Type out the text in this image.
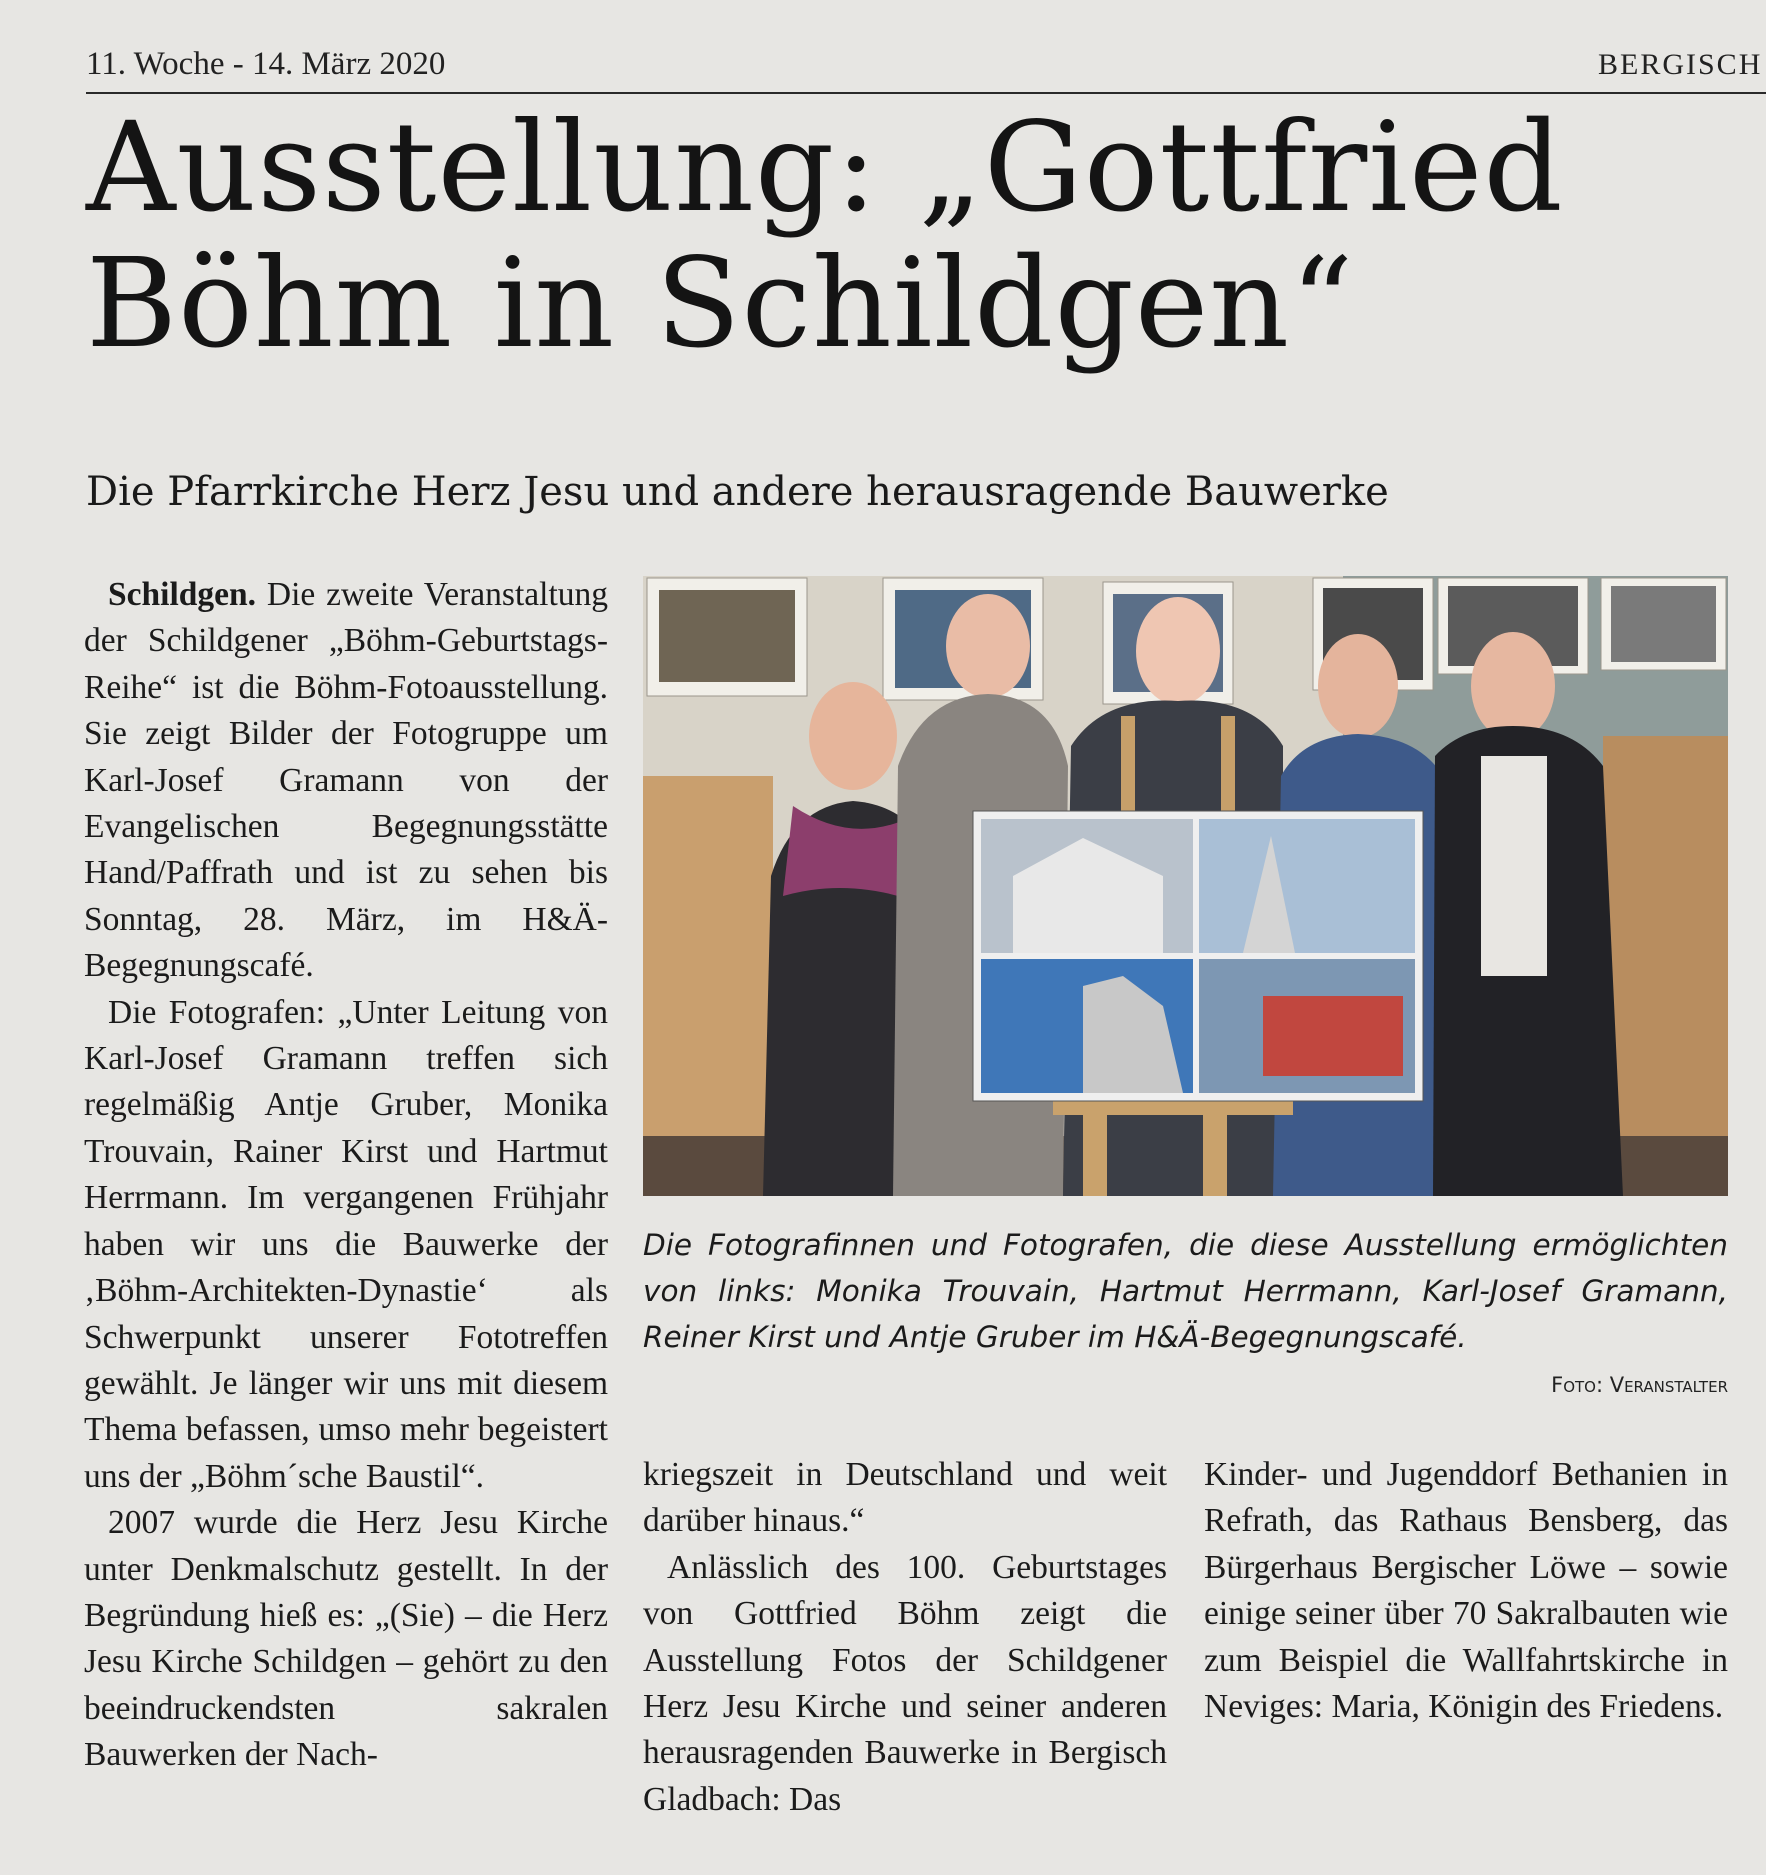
11. Woche - 14. März 2020	BERGISCH
Ausstellung: „Gottfried Böhm in Schildgen“
Die Pfarrkirche Herz Jesu und andere herausragende Bauwerke

Schildgen. Die zweite Veranstaltung der Schildgener „Böhm-Geburtstags-Reihe“ ist die Böhm-Fotoausstellung. Sie zeigt Bilder der Fotogruppe um Karl-Josef Gramann von der Evangelischen Begegnungsstätte Hand/Paffrath und ist zu sehen bis Sonntag, 28. März, im H&Ä-Begegnungscafé.

Die Fotografen: „Unter Leitung von Karl-Josef Gramann treffen sich regelmäßig Antje Gruber, Monika Trouvain, Rainer Kirst und Hartmut Herrmann. Im vergangenen Frühjahr haben wir uns die Bauwerke der ‚Böhm-Architekten-Dynastie‘ als Schwerpunkt unserer Fototreffen gewählt. Je länger wir uns mit diesem Thema befassen, umso mehr begeistert uns der „Böhm´sche Baustil“.

2007 wurde die Herz Jesu Kirche unter Denkmalschutz gestellt. In der Begründung hieß es: „(Sie) – die Herz Jesu Kirche Schildgen – gehört zu den beeindruckendsten sakralen Bauwerken der Nach-

Die Fotografinnen und Fotografen, die diese Ausstellung ermöglichten von links: Monika Trouvain, Hartmut Herrmann, Karl-Josef Gramann, Reiner Kirst und Antje Gruber im H&Ä-Begegnungscafé.

Foto: Veranstalter

kriegszeit in Deutschland und weit darüber hinaus.“

Anlässlich des 100. Geburtstages von Gottfried Böhm zeigt die Ausstellung Fotos der Schildgener Herz Jesu Kirche und seiner anderen herausragenden Bauwerke in Bergisch Gladbach: Das

Kinder- und Jugenddorf Bethanien in Refrath, das Rathaus Bensberg, das Bürgerhaus Bergischer Löwe – sowie einige seiner über 70 Sakralbauten wie zum Beispiel die Wallfahrtskirche in Neviges: Maria, Königin des Friedens.
